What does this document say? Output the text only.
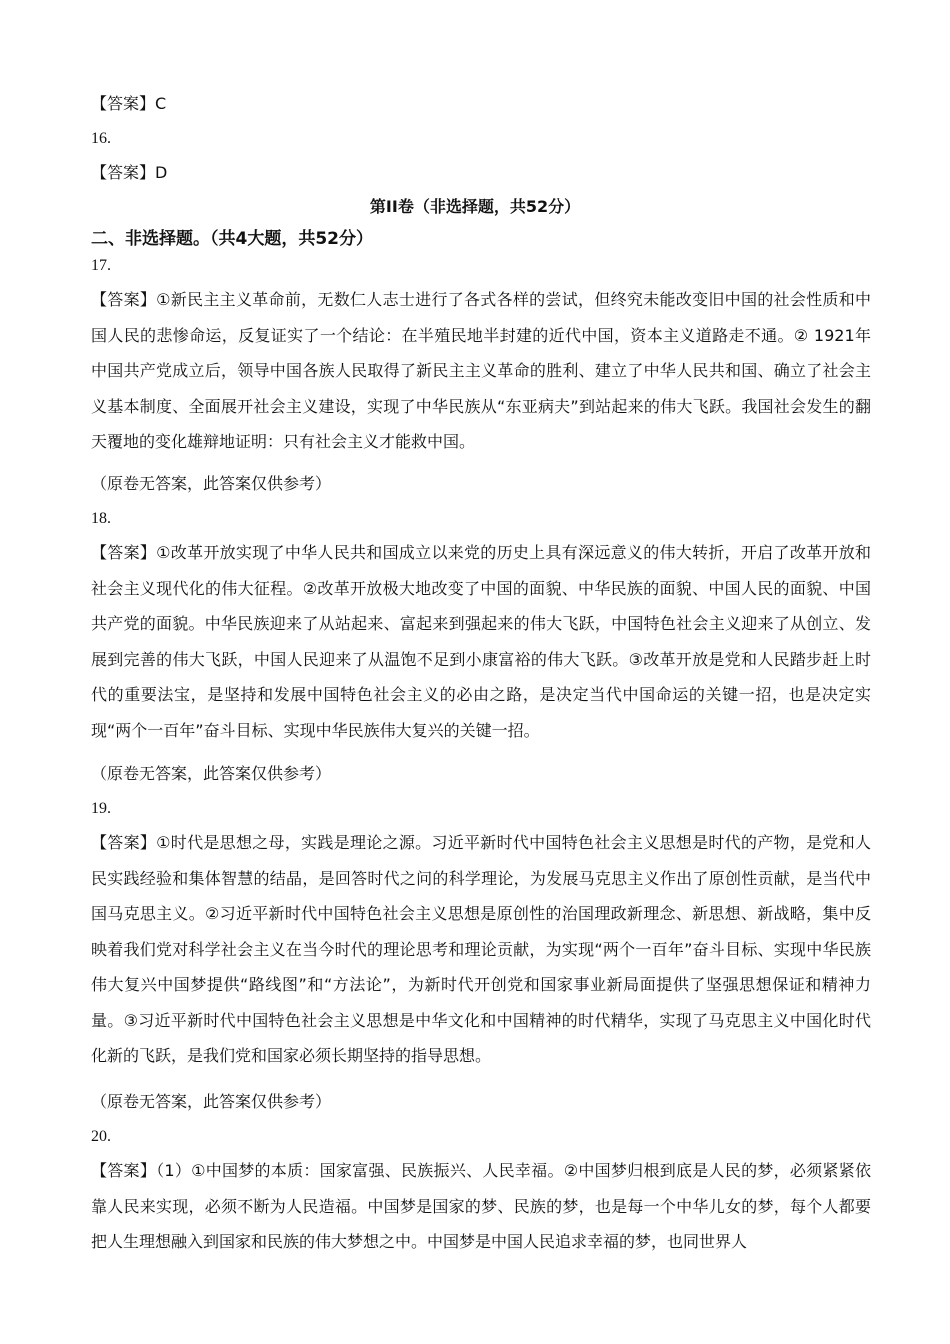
【答案】C
16.
【答案】D
第II卷（非选择题，共52分）
二、非选择题。（共4大题，共52分）
17.
【答案】①新民主主义革命前，无数仁人志士进行了各式各样的尝试，但终究未能改变旧中国的社会性质和中国人民的悲惨命运，反复证实了一个结论：在半殖民地半封建的近代中国，资本主义道路走不通。② 1921年中国共产党成立后，领导中国各族人民取得了新民主主义革命的胜利、建立了中华人民共和国、确立了社会主义基本制度、全面展开社会主义建设，实现了中华民族从“东亚病夫”到站起来的伟大飞跃。我国社会发生的翻天覆地的变化雄辩地证明：只有社会主义才能救中国。
（原卷无答案，此答案仅供参考）
18.
【答案】①改革开放实现了中华人民共和国成立以来党的历史上具有深远意义的伟大转折，开启了改革开放和社会主义现代化的伟大征程。②改革开放极大地改变了中国的面貌、中华民族的面貌、中国人民的面貌、中国共产党的面貌。中华民族迎来了从站起来、富起来到强起来的伟大飞跃，中国特色社会主义迎来了从创立、发展到完善的伟大飞跃，中国人民迎来了从温饱不足到小康富裕的伟大飞跃。③改革开放是党和人民踏步赶上时代的重要法宝，是坚持和发展中国特色社会主义的必由之路，是决定当代中国命运的关键一招，也是决定实现“两个一百年”奋斗目标、实现中华民族伟大复兴的关键一招。
（原卷无答案，此答案仅供参考）
19.
【答案】①时代是思想之母，实践是理论之源。习近平新时代中国特色社会主义思想是时代的产物，是党和人民实践经验和集体智慧的结晶，是回答时代之问的科学理论，为发展马克思主义作出了原创性贡献，是当代中国马克思主义。②习近平新时代中国特色社会主义思想是原创性的治国理政新理念、新思想、新战略，集中反映着我们党对科学社会主义在当今时代的理论思考和理论贡献，为实现“两个一百年”奋斗目标、实现中华民族伟大复兴中国梦提供“路线图”和“方法论”，为新时代开创党和国家事业新局面提供了坚强思想保证和精神力量。③习近平新时代中国特色社会主义思想是中华文化和中国精神的时代精华，实现了马克思主义中国化时代化新的飞跃，是我们党和国家必须长期坚持的指导思想。
（原卷无答案，此答案仅供参考）
20.
【答案】（1）①中国梦的本质：国家富强、民族振兴、人民幸福。②中国梦归根到底是人民的梦，必须紧紧依靠人民来实现，必须不断为人民造福。中国梦是国家的梦、民族的梦，也是每一个中华儿女的梦，每个人都要把人生理想融入到国家和民族的伟大梦想之中。中国梦是中国人民追求幸福的梦，也同世界人
